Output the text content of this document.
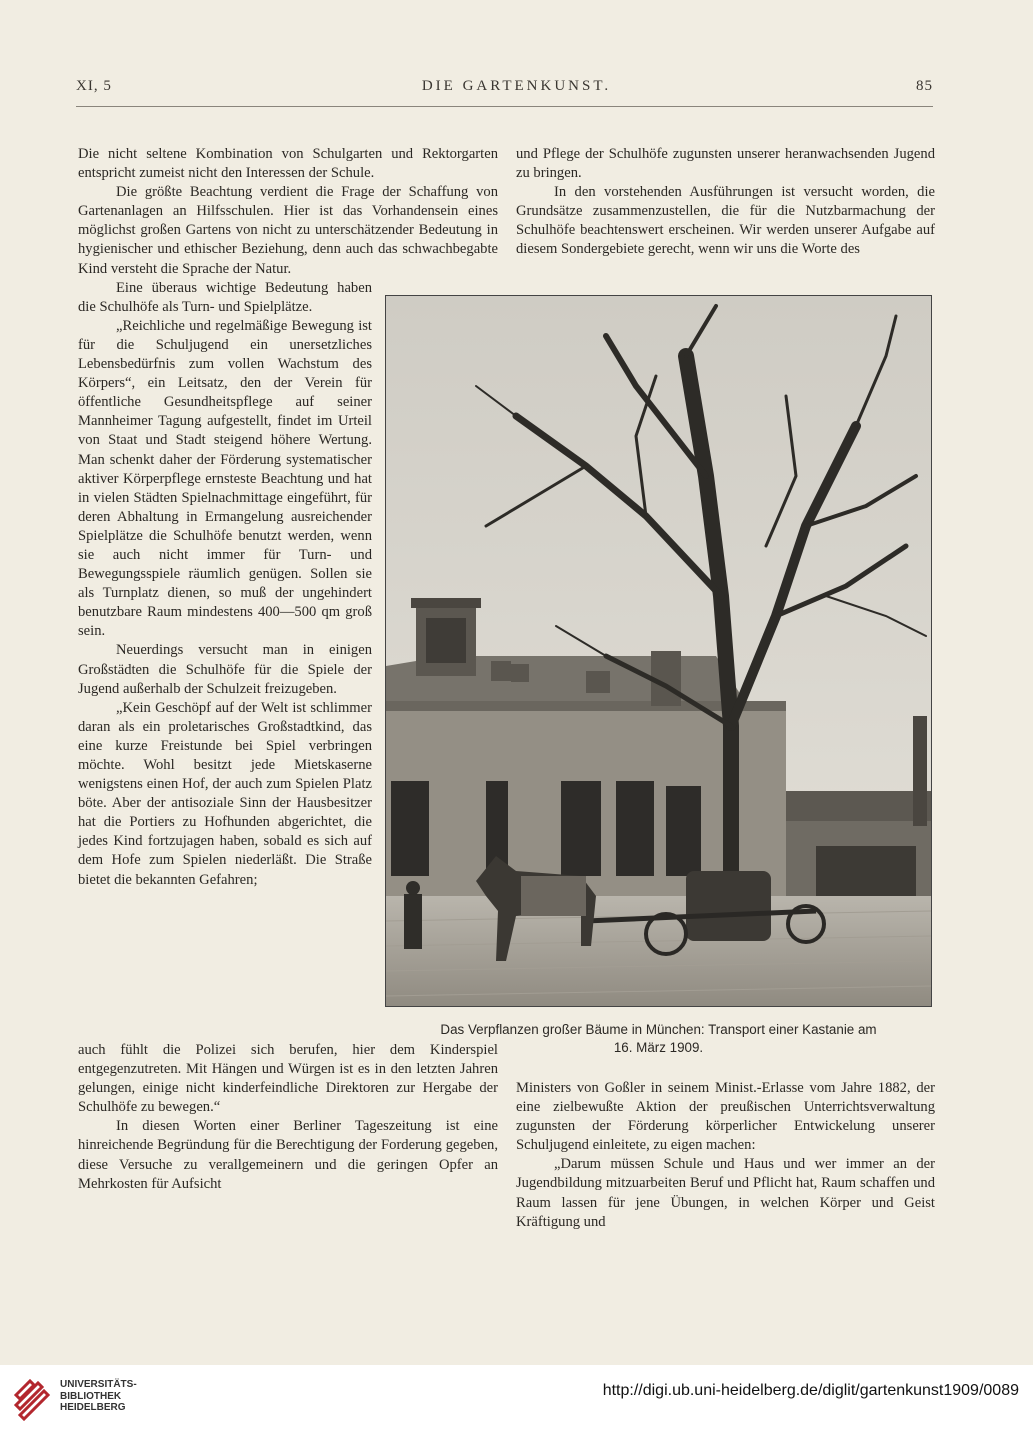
XI, 5	DIE GARTENKUNST.	85

Die nicht seltene Kombination von Schulgarten und Rektorgarten entspricht zumeist nicht den Interessen der Schule.

Die größte Beachtung verdient die Frage der Schaffung von Gartenanlagen an Hilfsschulen. Hier ist das Vorhandensein eines möglichst großen Gartens von nicht zu unterschätzender Bedeutung in hygienischer und ethischer Beziehung, denn auch das schwachbegabte Kind versteht die Sprache der Natur.

Eine überaus wichtige Bedeutung haben die Schulhöfe als Turn- und Spielplätze.

„Reichliche und regelmäßige Bewegung ist für die Schuljugend ein unersetzliches Lebensbedürfnis zum vollen Wachstum des Körpers“, ein Leitsatz, den der Verein für öffentliche Gesundheitspflege auf seiner Mannheimer Tagung aufgestellt, findet im Urteil von Staat und Stadt steigend höhere Wertung. Man schenkt daher der Förderung systematischer aktiver Körperpflege ernsteste Beachtung und hat in vielen Städten Spielnachmittage eingeführt, für deren Abhaltung in Ermangelung ausreichender Spielplätze die Schulhöfe benutzt werden, wenn sie auch nicht immer für Turn- und Bewegungsspiele räumlich genügen. Sollen sie als Turnplatz dienen, so muß der ungehindert benutzbare Raum mindestens 400—500 qm groß sein.

Neuerdings versucht man in einigen Großstädten die Schulhöfe für die Spiele der Jugend außerhalb der Schulzeit freizugeben.

„Kein Geschöpf auf der Welt ist schlimmer daran als ein proletarisches Großstadtkind, das eine kurze Freistunde bei Spiel verbringen möchte. Wohl besitzt jede Mietskaserne wenigstens einen Hof, der auch zum Spielen Platz böte. Aber der antisoziale Sinn der Hausbesitzer hat die Portiers zu Hofhunden abgerichtet, die jedes Kind fortzujagen haben, sobald es sich auf dem Hofe zum Spielen niederläßt. Die Straße bietet die bekannten Gefahren;

auch fühlt die Polizei sich berufen, hier dem Kinderspiel entgegenzutreten. Mit Hängen und Würgen ist es in den letzten Jahren gelungen, einige nicht kinderfeindliche Direktoren zur Hergabe der Schulhöfe zu bewegen.“

In diesen Worten einer Berliner Tageszeitung ist eine hinreichende Begründung für die Berechtigung der Forderung gegeben, diese Versuche zu verallgemeinern und die geringen Opfer an Mehrkosten für Aufsicht

und Pflege der Schulhöfe zugunsten unserer heranwachsenden Jugend zu bringen.

In den vorstehenden Ausführungen ist versucht worden, die Grundsätze zusammenzustellen, die für die Nutzbarmachung der Schulhöfe beachtenswert erscheinen. Wir werden unserer Aufgabe auf diesem Sondergebiete gerecht, wenn wir uns die Worte des

Ministers von Goßler in seinem Minist.-Erlasse vom Jahre 1882, der eine zielbewußte Aktion der preußischen Unterrichtsverwaltung zugunsten der Förderung körperlicher Entwickelung unserer Schuljugend einleitete, zu eigen machen:

„Darum müssen Schule und Haus und wer immer an der Jugendbildung mitzuarbeiten Beruf und Pflicht hat, Raum schaffen und Raum lassen für jene Übungen, in welchen Körper und Geist Kräftigung und

Das Verpflanzen großer Bäume in München: Transport einer Kastanie am
16. März 1909.
UNIVERSITÄTS-
BIBLIOTHEK
HEIDELBERG
http://digi.ub.uni-heidelberg.de/diglit/gartenkunst1909/0089
